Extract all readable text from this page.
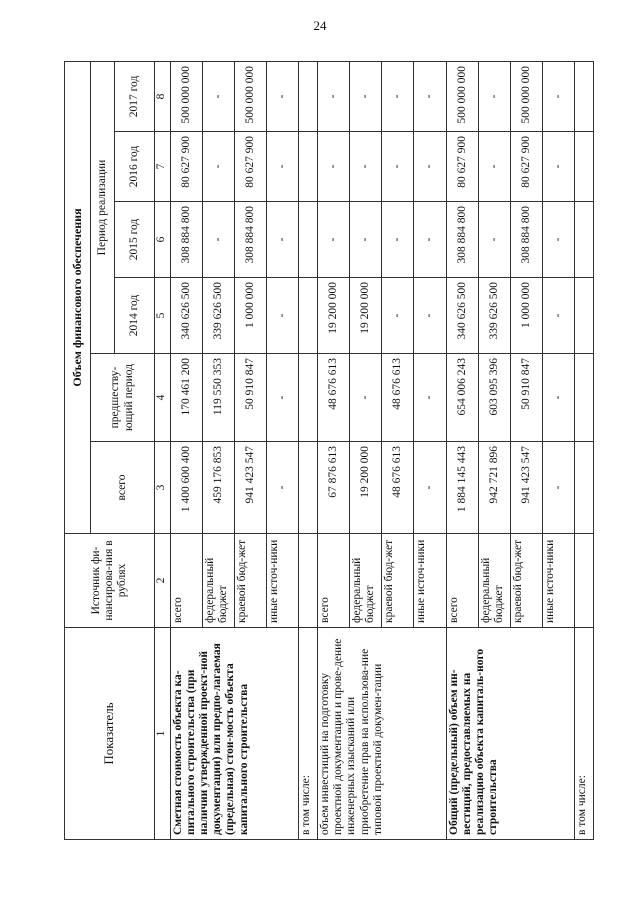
24
Показатель	Источник фи-нансирова-ния в рублях	Объем финансового обеспечения					
		всего	предшеству-ющий период	Период реализации			
				2014 год	2015 год	2016 год	2017 год
1	2	3	4	5	6	7	8
Сметная стоимость объекта ка-питального строительства (при наличии утвержденной проект-ной документации) или предпо-лагаемая (предельная) стои-мость объекта капитального строительства	всего	1 400 600 400	170 461 200	340 626 500	308 884 800	80 627 900	500 000 000
	федеральный бюджет	459 176 853	119 550 353	339 626 500	-	-	-
	краевой бюд-жет	941 423 547	50 910 847	1 000 000	308 884 800	80 627 900	500 000 000
	иные источ-ники	-	-	-	-	-	-
в том числе:							
объем инвестиций на подготовку проектной документации и прове-дение инженерных изысканий или приобретение прав на использова-ние типовой проектной докумен-тации	всего	67 876 613	48 676 613	19 200 000	-	-	-
	федеральный бюджет	19 200 000	-	19 200 000	-	-	-
	краевой бюд-жет	48 676 613	48 676 613	-	-	-	-
	иные источ-ники	-	-	-	-	-	-
Общий (предельный) объем ин-вестиций, предоставляемых на реализацию объекта капиталь-ного строительства	всего	1 884 145 443	654 006 243	340 626 500	308 884 800	80 627 900	500 000 000
	федеральный бюджет	942 721 896	603 095 396	339 626 500	-	-	-
	краевой бюд-жет	941 423 547	50 910 847	1 000 000	308 884 800	80 627 900	500 000 000
	иные источ-ники	-	-	-	-	-	-
в том числе:							
